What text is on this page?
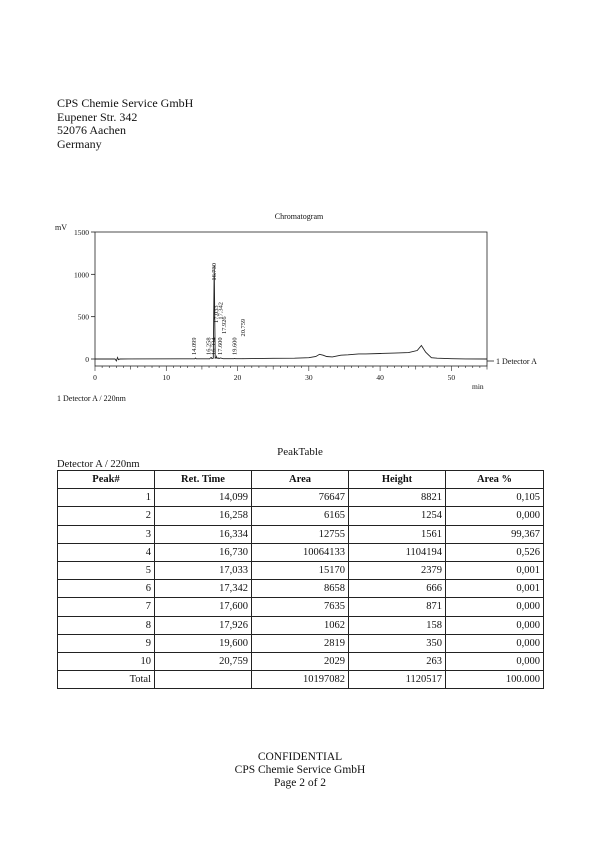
CPS Chemie Service GmbH
Eupener Str. 342
52076 Aachen
Germany
Chromatogram
mV
0
500
1000
1500
0	10	20	30	40	50
14.099 16.258
16.334
16.730
17.033
17.342
17.600
17.926
19.600
20.759
min
1 Detector A
1 Detector A / 220nm
PeakTable
Detector A / 220nm
Peak#	Ret. Time	Area	Height	Area %
1	14,099	76647	8821	0,105
2	16,258	6165	1254	0,000
3	16,334	12755	1561	99,367
4	16,730	10064133	1104194	0,526
5	17,033	15170	2379	0,001
6	17,342	8658	666	0,001
7	17,600	7635	871	0,000
8	17,926	1062	158	0,000
9	19,600	2819	350	0,000
10	20,759	2029	263	0,000
Total		10197082	1120517	100.000
CONFIDENTIAL
CPS Chemie Service GmbH
Page 2 of 2
